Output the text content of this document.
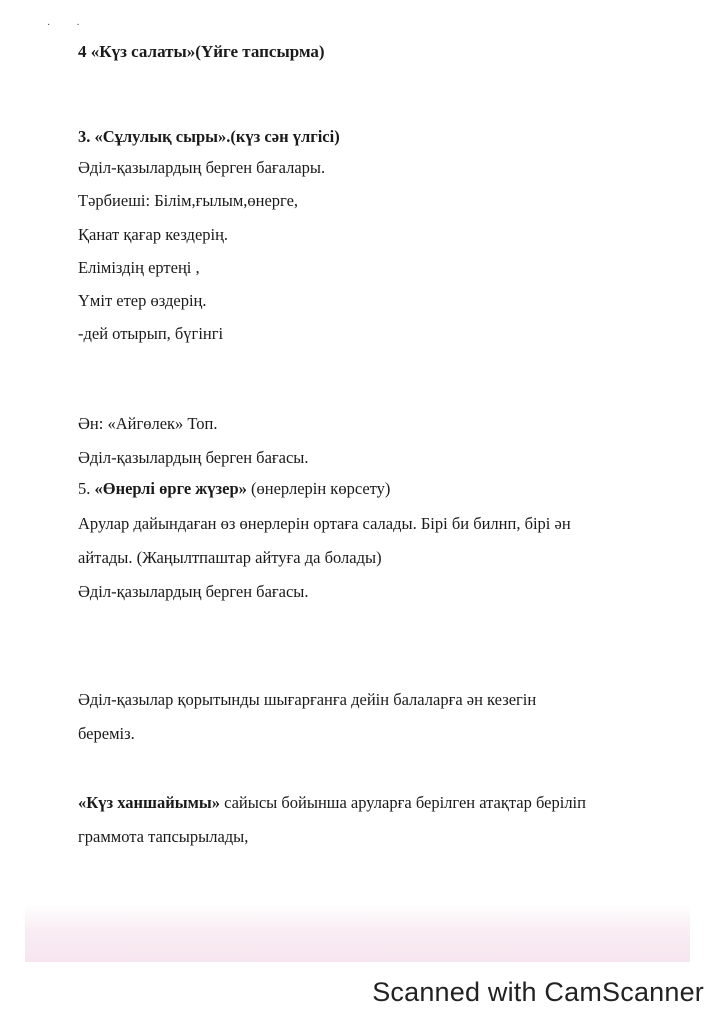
··
4 «Күз салаты»(Үйге тапсырма)
3. «Сұлулық сыры».(күз сән үлгісі)
Әділ-қазылардың берген бағалары.
Тәрбиеші: Білім,ғылым,өнерге,
Қанат қағар кездерің.
Еліміздің ертеңі ,
Үміт етер өздерің.
-дей отырып, бүгінгі
Ән: «Айгөлек» Топ.
Әділ-қазылардың берген бағасы.
5. «Өнерлі өрге жүзер» (өнерлерін көрсету)
Арулар дайындаған өз өнерлерін ортаға салады. Бірі би билнп, бірі ән
айтады. (Жаңылтпаштар айтуға да болады)
Әділ-қазылардың берген бағасы.
Әділ-қазылар қорытынды шығарғанға дейін балаларға ән кезегін
береміз.
«Күз ханшайымы» сайысы бойынша аруларға берілген атақтар беріліп
граммота тапсырылады,
Scanned with CamScanner
